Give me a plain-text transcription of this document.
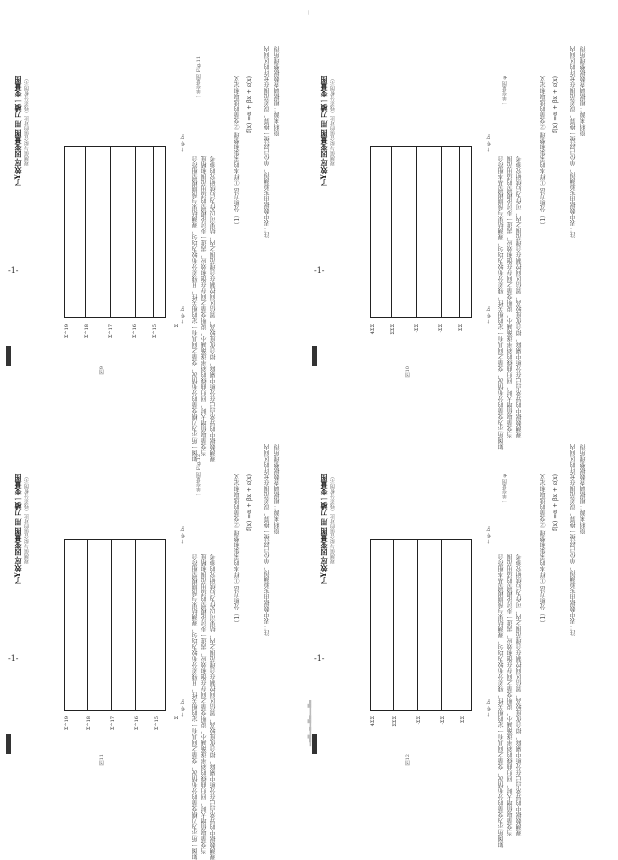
-1-
图9
Σ^19	Σ^18	Σ^17	Σ^16	Σ^15	Σ
← φ· b₁
← φ· b₁
了Y效应·因变量图 用 刀横一变量图 观测值与拟合值的对比（残差分析图示）	一单变量图 Fig.11
如图一所示为刀横变量的分布情况，变量之间具有一定的相关性，且残差分布较为均匀，观测结果与预期模型相符合 当变量取值增大时，回归曲线的斜率逐渐减小，说明变量之间存在饱和效应，需进一步讨论模型的适用范围和精度 观测数据中的异常点已在分析中剔除，拟合优度较高，置信区间控制在合理范围之内，结果可以作为后续研究的参考
（1）分析方法 ①样本的采集和整理 ②变量的选取和定义 f(x) =α + βx + ε(x) 注：表中数据由实验测得，单位已经统一换算，误差范围在允许的区间内 资料来源：根据调查数据整理所得
-1-
图10
4ΣΣ	ΣΣΣ	·ΣΣ	·ΣΣ	ΣΣ
← φ· b₁
← φ· b₁
了Y效应·因变量图 用 刀横一变量图 观测值与拟合值的对比（残差分析图示）	一单变量图 φ
如图所示为变量的分布情况，变量之间具有一定的相关性，残差分布较为均匀，观测结果与预期模型基本相符合 当变量取值增大时，回归曲线的斜率逐渐减小，说明变量之间存在饱和效应，需进一步讨论模型的适用范围 观测数据中的异常点已在分析中剔除，拟合优度较高，置信区间控制在合理范围之内，可作为后续研究参考
（1）分析方法 ①样本的采集和整理 ②变量的选取和定义 f(x) =α + βx + ε(x) 注：表中数据由实验测得，单位已经统一换算，误差范围在允许的区间内 资料来源：根据调查数据整理所得
-1-
图11
Σ^19	Σ^18	Σ^17	Σ^16	Σ^15	Σ
← φ· b₁
← φ· b₁
了Y效应·因变量图 用 刀横一变量图 观测值与拟合值的对比（残差分析图示）	一单变量图 Fig.12
如图一所示为刀横变量的分布情况，变量之间具有一定的相关性，且残差分布较为均匀，观测结果与预期模型相符合 当变量取值增大时，回归曲线的斜率逐渐减小，说明变量之间存在饱和效应，需进一步讨论模型的适用范围和精度 观测数据中的异常点已在分析中剔除，拟合优度较高，置信区间控制在合理范围之内，结果可以作为后续研究的参考
（1）分析方法 ①样本的采集和整理 ②变量的选取和定义 f(x) =α + βx + ε(x) 注：表中数据由实验测得，单位已经统一换算，误差范围在允许的区间内 资料来源：根据调查数据整理所得
-1-
图12
4ΣΣ	ΣΣΣ	·ΣΣ	·ΣΣ	ΣΣ
← φ· b₁
← φ· b₁
了Y效应·因变量图 用 刀横一变量图 观测值与拟合值的对比（残差分析图示）	一单变量图 φ
如图所示为变量的分布情况，变量之间具有一定的相关性，残差分布较为均匀，观测结果与预期模型基本相符合 当变量取值增大时，回归曲线的斜率逐渐减小，说明变量之间存在饱和效应，需进一步讨论模型的适用范围 观测数据中的异常点已在分析中剔除，拟合优度较高，置信区间控制在合理范围之内，可作为后续研究参考
（1）分析方法 ①样本的采集和整理 ②变量的选取和定义 f(x) =α + βx + ε(x) 注：表中数据由实验测得，单位已经统一换算，误差范围在允许的区间内 资料来源：根据调查数据整理所得
—
▂▃▅▂▃▂▅▃▂▂▅▃
